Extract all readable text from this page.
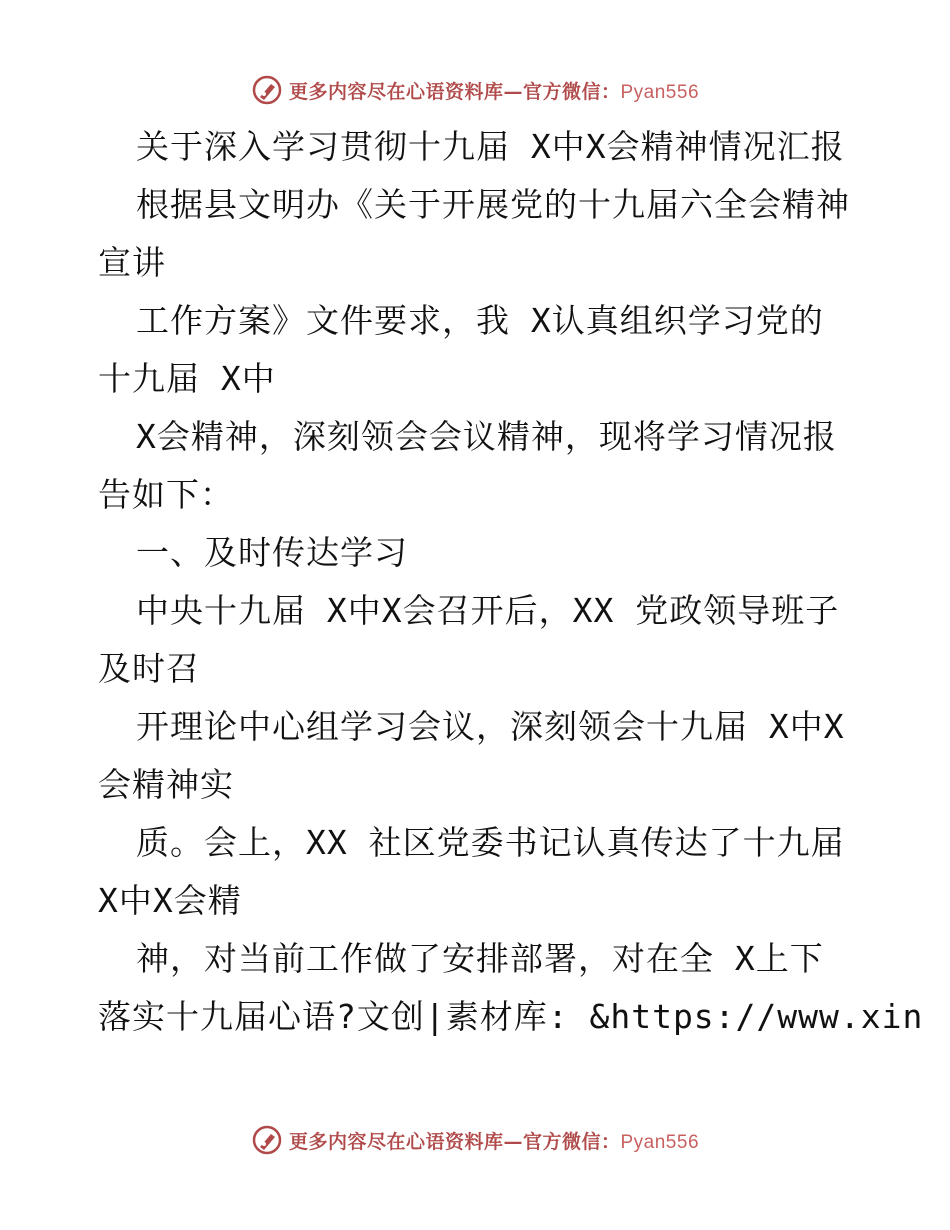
更多内容尽在心语资料库—官方微信：Pyan556
关于深入学习贯彻十九届 X中X会精神情况汇报
根据县文明办《关于开展党的十九届六全会精神
宣讲
工作方案》文件要求，我 X认真组织学习党的
十九届 X中
X会精神，深刻领会会议精神，现将学习情况报
告如下：
一、及时传达学习
中央十九届 X中X会召开后，XX 党政领导班子
及时召
开理论中心组学习会议，深刻领会十九届 X中X
会精神实
质。会上，XX 社区党委书记认真传达了十九届
X中X会精
神，对当前工作做了安排部署，对在全 X上下
落实十九届心语?文创|素材库: &https://www.xin
更多内容尽在心语资料库—官方微信：Pyan556
